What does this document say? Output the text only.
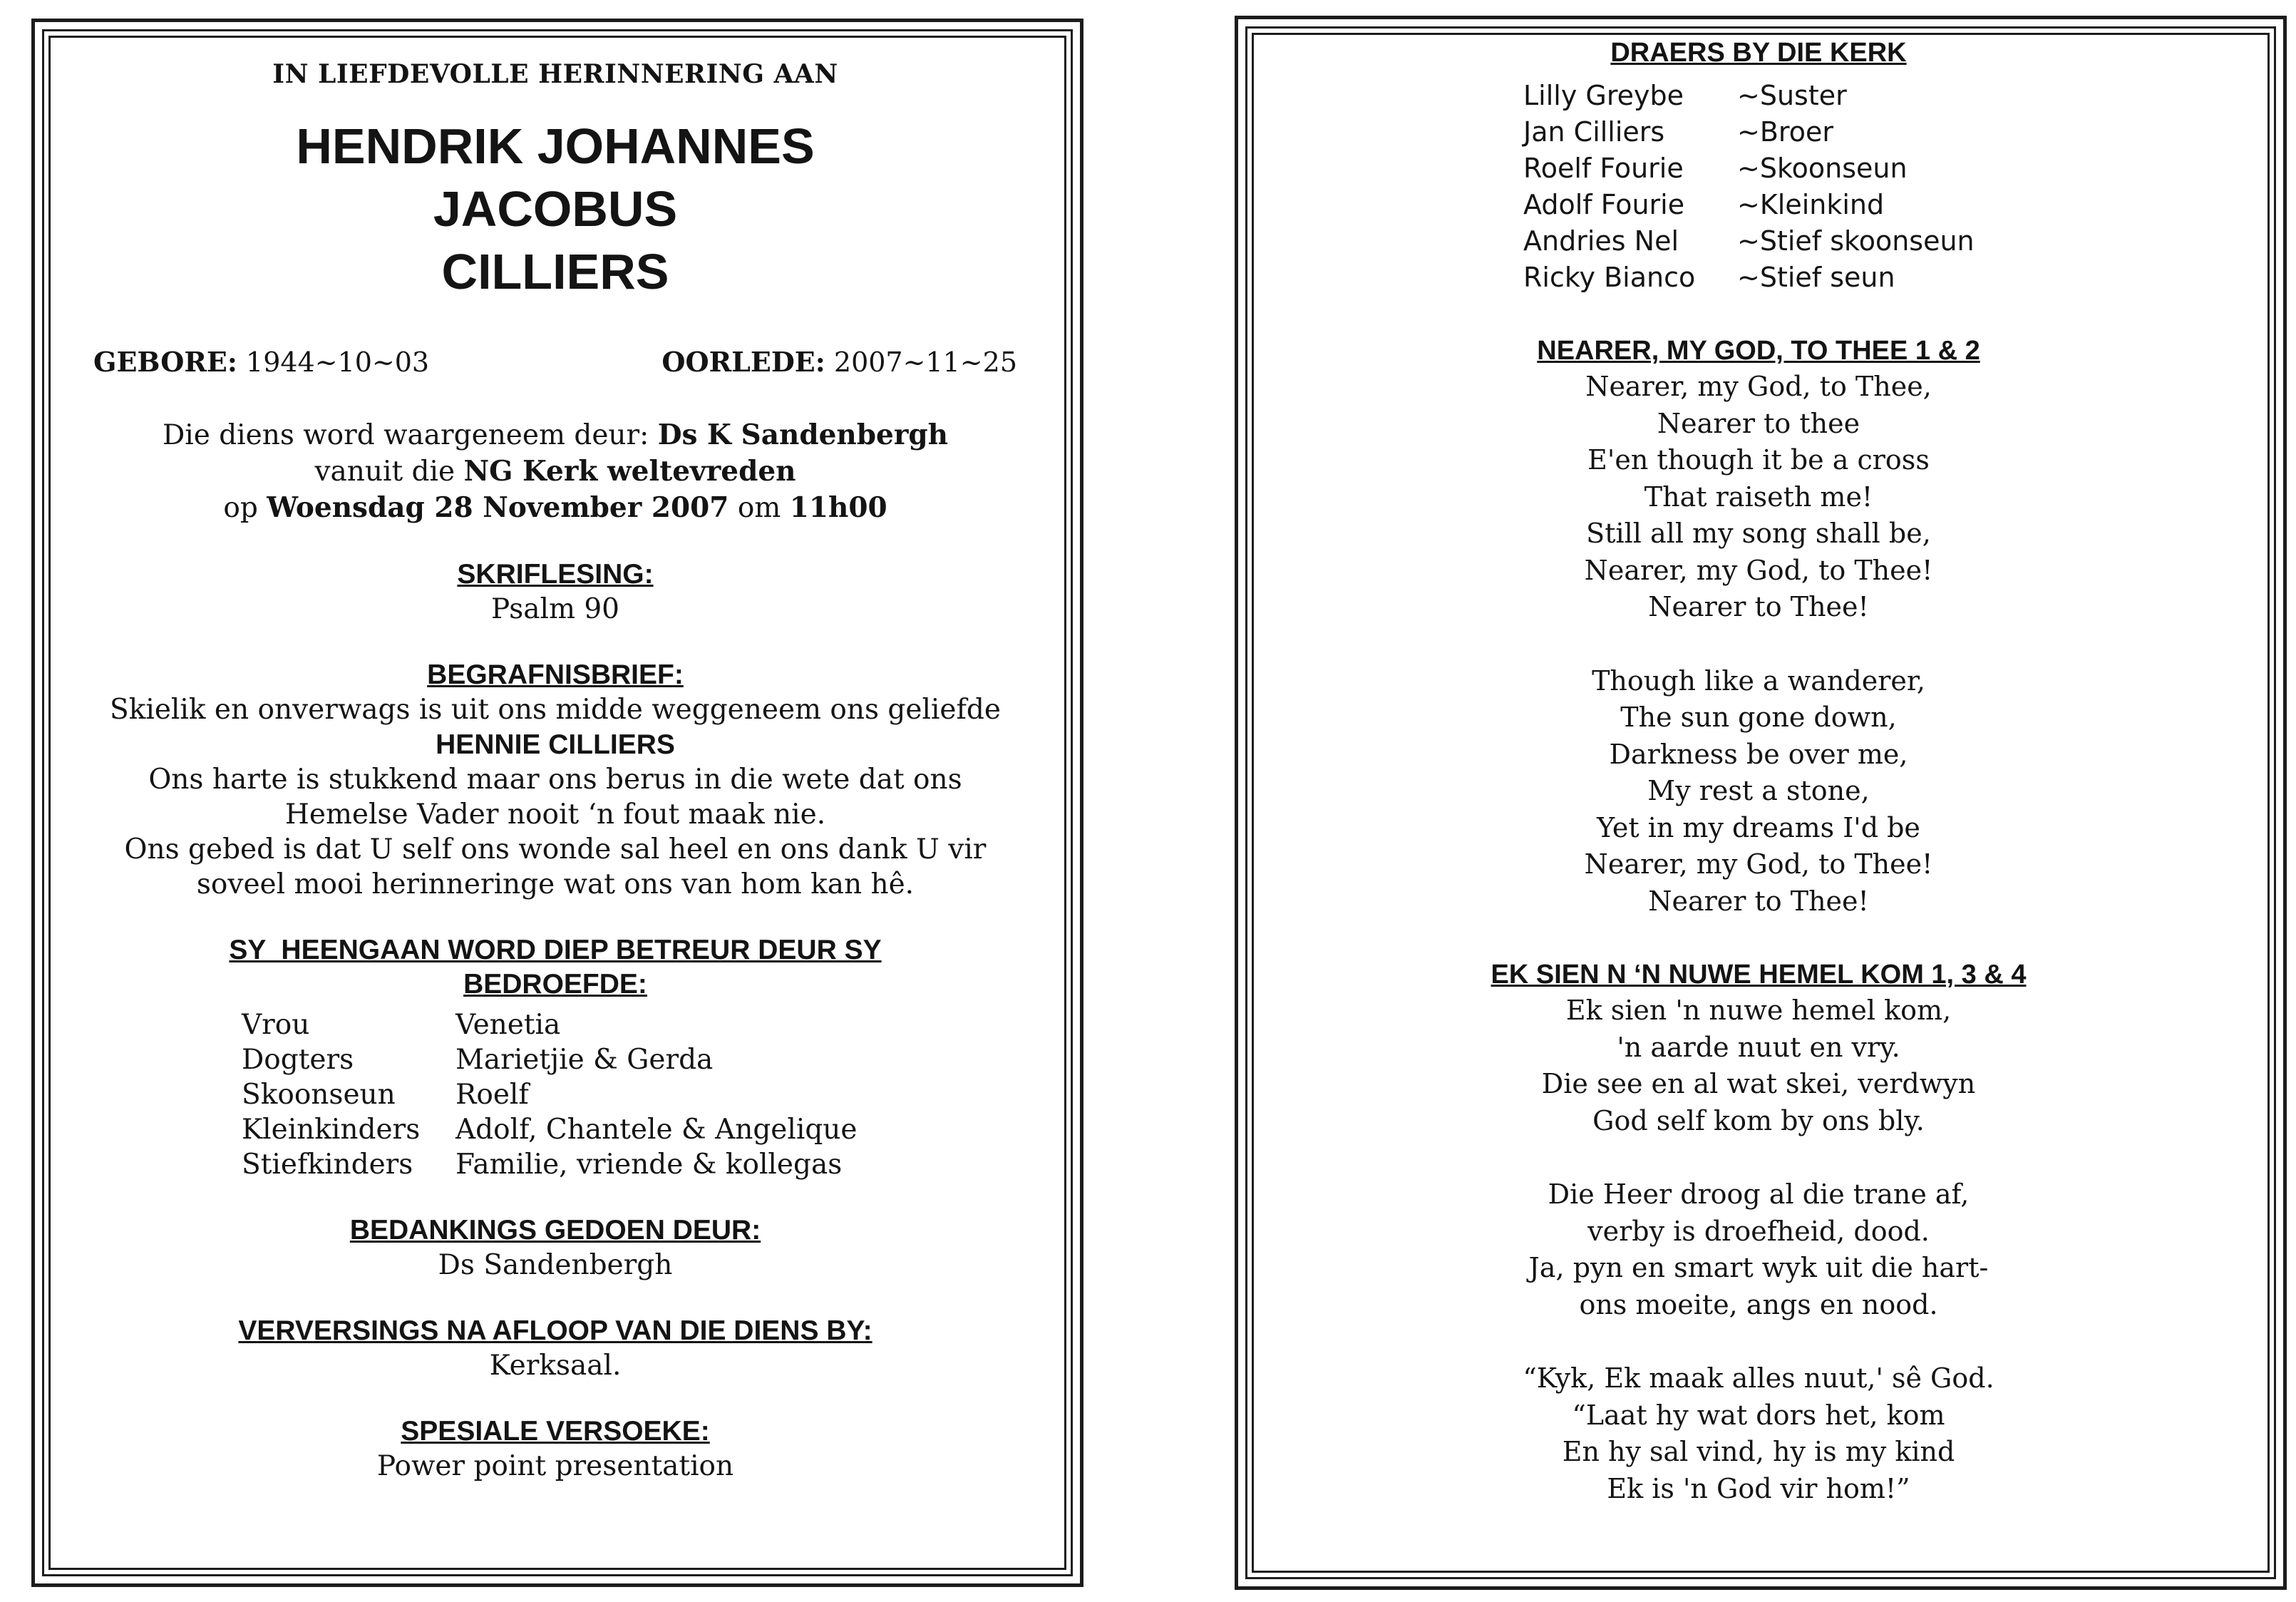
IN LIEFDEVOLLE HERINNERING AAN
HENDRIK JOHANNES
JACOBUS
CILLIERS
GEBORE: 1944~10~03	OORLEDE: 2007~11~25
Die diens word waargeneem deur: Ds K Sandenbergh
vanuit die NG Kerk weltevreden
op Woensdag 28 November 2007 om 11h00
SKRIFLESING:
Psalm 90
BEGRAFNISBRIEF:
Skielik en onverwags is uit ons midde weggeneem ons geliefde
HENNIE CILLIERS
Ons harte is stukkend maar ons berus in die wete dat ons
Hemelse Vader nooit ‘n fout maak nie.
Ons gebed is dat U self ons wonde sal heel en ons dank U vir
soveel mooi herinneringe wat ons van hom kan hê.
SY  HEENGAAN WORD DIEP BETREUR DEUR SY
BEDROEFDE:
Vrou	Venetia
Dogters	Marietjie & Gerda
Skoonseun	Roelf
Kleinkinders	Adolf, Chantele & Angelique
Stiefkinders	Familie, vriende & kollegas
BEDANKINGS GEDOEN DEUR:
Ds Sandenbergh
VERVERSINGS NA AFLOOP VAN DIE DIENS BY:
Kerksaal.
SPESIALE VERSOEKE:
Power point presentation
DRAERS BY DIE KERK
Lilly Greybe	~Suster
Jan Cilliers	~Broer
Roelf Fourie	~Skoonseun
Adolf Fourie	~Kleinkind
Andries Nel	~Stief skoonseun
Ricky Bianco	~Stief seun
NEARER, MY GOD, TO THEE 1 & 2
Nearer, my God, to Thee,
Nearer to thee
E'en though it be a cross
That raiseth me!
Still all my song shall be,
Nearer, my God, to Thee!
Nearer to Thee!
Though like a wanderer,
The sun gone down,
Darkness be over me,
My rest a stone,
Yet in my dreams I'd be
Nearer, my God, to Thee!
Nearer to Thee!
EK SIEN N ‘N NUWE HEMEL KOM 1, 3 & 4
Ek sien 'n nuwe hemel kom,
'n aarde nuut en vry.
Die see en al wat skei, verdwyn
God self kom by ons bly.
Die Heer droog al die trane af,
verby is droefheid, dood.
Ja, pyn en smart wyk uit die hart-
ons moeite, angs en nood.
“Kyk, Ek maak alles nuut,' sê God.
“Laat hy wat dors het, kom
En hy sal vind, hy is my kind
Ek is 'n God vir hom!”
